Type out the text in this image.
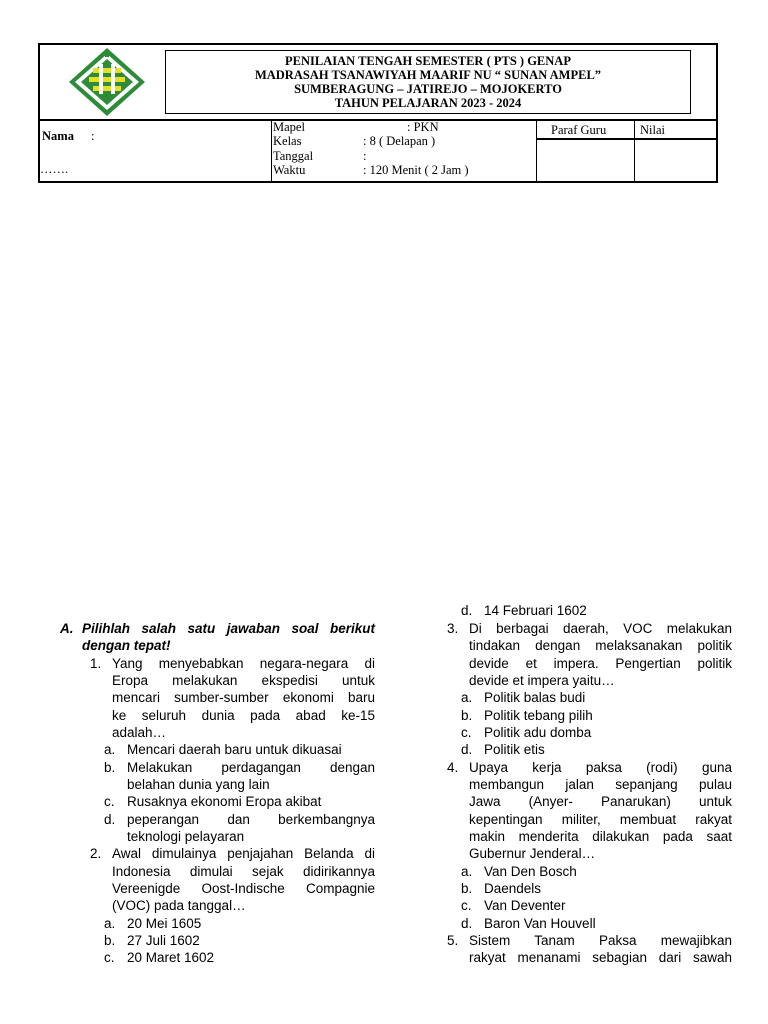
PENILAIAN TENGAH SEMESTER ( PTS ) GENAP
MADRASAH TSANAWIYAH MAARIF NU “ SUNAN AMPEL”
SUMBERAGUNG – JATIREJO – MOJOKERTO
TAHUN PELAJARAN 2023 - 2024
Nama :
…….
Mapel	: PKN
Kelas	: 8 ( Delapan )
Tanggal	:
Waktu	: 120 Menit ( 2 Jam )
Paraf Guru	Nilai
A. Pilihlah salah satu jawaban soal berikut
dengan tepat!
1. Yang menyebabkan negara-negara di
Eropa melakukan ekspedisi untuk
mencari sumber-sumber ekonomi baru
ke seluruh dunia pada abad ke-15
adalah…
a. Mencari daerah baru untuk dikuasai
b. Melakukan perdagangan dengan
belahan dunia yang lain
c. Rusaknya ekonomi Eropa akibat
d. peperangan dan berkembangnya
teknologi pelayaran
2. Awal dimulainya penjajahan Belanda di
Indonesia dimulai sejak didirikannya
Vereenigde Oost-Indische Compagnie
(VOC) pada tanggal…
a. 20 Mei 1605
b. 27 Juli 1602
c. 20 Maret 1602
d. 14 Februari 1602
3. Di berbagai daerah, VOC melakukan
tindakan dengan melaksanakan politik
devide et impera. Pengertian politik
devide et impera yaitu…
a. Politik balas budi
b. Politik tebang pilih
c. Politik adu domba
d. Politik etis
4. Upaya kerja paksa (rodi) guna
membangun jalan sepanjang pulau
Jawa (Anyer- Panarukan) untuk
kepentingan militer, membuat rakyat
makin menderita dilakukan pada saat
Gubernur Jenderal…
a. Van Den Bosch
b. Daendels
c. Van Deventer
d. Baron Van Houvell
5. Sistem Tanam Paksa mewajibkan
rakyat menanami sebagian dari sawah
